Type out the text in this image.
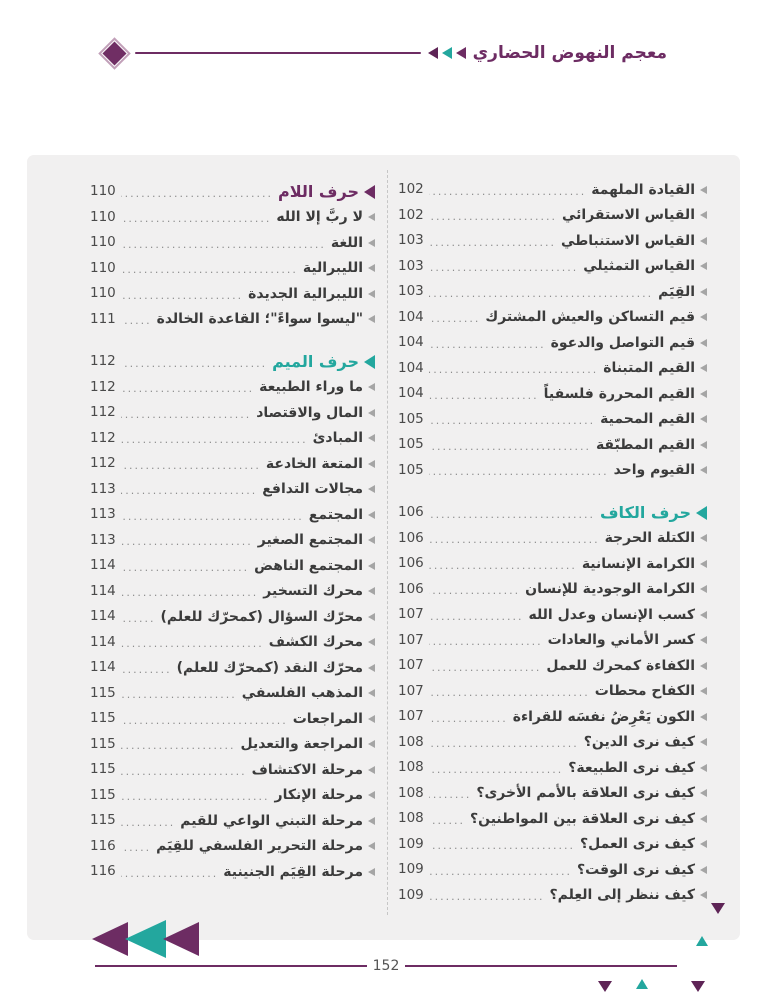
معجم النهوض الحضاري
القيادة الملهمة
.....
102
القياس الاستقرائي
.....
102
القياس الاستنباطي
.....
103
القياس التمثيلي
.....
103
القِيَم
.....
103
قيم التساكن والعيش المشترك
.....
104
قيم التواصل والدعوة
.....
104
القيم المتبناة
.....
104
القيم المحررة فلسفياً
.....
104
القيم المحمية
.....
105
القيم المطبّقة
.....
105
القيوم واحد
.....
105
حرف الكاف
.....
106
الكتلة الحرجة
.....
106
الكرامة الإنسانية
.....
106
الكرامة الوجودية للإنسان
.....
106
كسب الإنسان وعدل الله
.....
107
كسر الأماني والعادات
.....
107
الكفاءة كمحرك للعمل
.....
107
الكفاح محطات
.....
107
الكون يَعْرِضُ نفسَه للقراءة
.....
107
كيف نرى الدين؟
.....
108
كيف نرى الطبيعة؟
.....
108
كيف نرى العلاقة بالأمم الأخرى؟
.....
108
كيف نرى العلاقة بين المواطنين؟
.....
108
كيف نرى العمل؟
.....
109
كيف نرى الوقت؟
.....
109
كيف ننظر إلى العِلم؟
.....
109
حرف اللام
.....
110
لا ربَّ إلا الله
.....
110
اللغة
.....
110
الليبرالية
.....
110
الليبرالية الجديدة
.....
110
"ليسوا سواءً"؛ القاعدة الخالدة
.....
111
حرف الميم
.....
112
ما وراء الطبيعة
.....
112
المال والاقتصاد
.....
112
المبادئ
.....
112
المتعة الخادعة
.....
112
مجالات التدافع
.....
113
المجتمع
.....
113
المجتمع الصغير
.....
113
المجتمع الناهض
.....
114
محرك التسخير
.....
114
محرّك السؤال (كمحرّك للعلم)
.....
114
محرك الكشف
.....
114
محرّك النقد (كمحرّك للعلم)
.....
114
المذهب الفلسفي
.....
115
المراجعات
.....
115
المراجعة والتعديل
.....
115
مرحلة الاكتشاف
.....
115
مرحلة الإنكار
.....
115
مرحلة التبني الواعي للقيم
.....
115
مرحلة التحرير الفلسفي للقِيَم
.....
116
مرحلة القِيَم الجنينية
.....
116
152
